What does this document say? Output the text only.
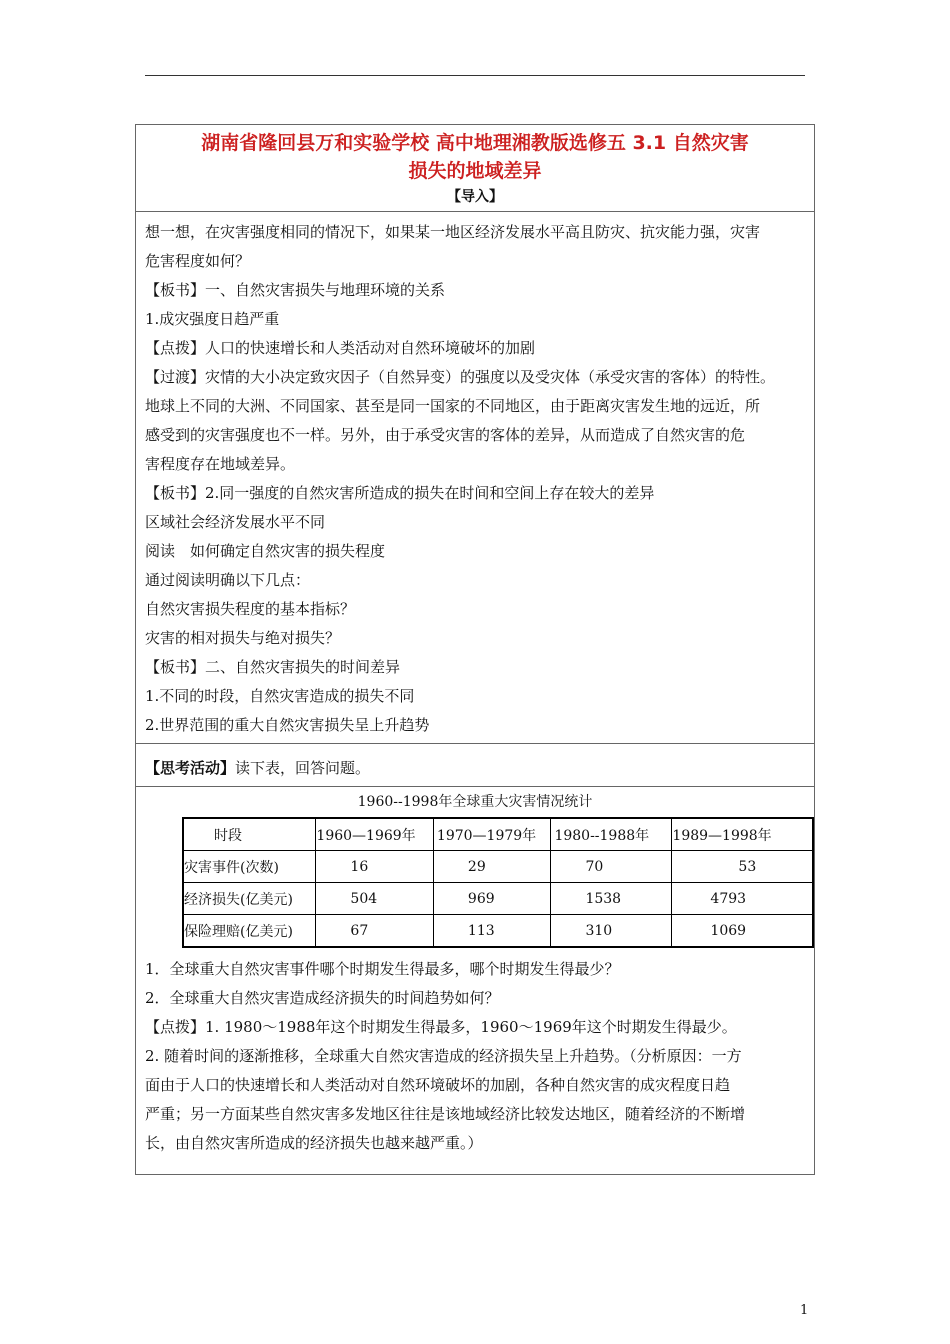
湖南省隆回县万和实验学校 高中地理湘教版选修五 3.1 自然灾害
损失的地域差异
【导入】
想一想，在灾害强度相同的情况下，如果某一地区经济发展水平高且防灾、抗灾能力强，灾害
危害程度如何？
【板书】一、自然灾害损失与地理环境的关系
1.成灾强度日趋严重
【点拨】人口的快速增长和人类活动对自然环境破坏的加剧
【过渡】灾情的大小决定致灾因子（自然异变）的强度以及受灾体（承受灾害的客体）的特性。
地球上不同的大洲、不同国家、甚至是同一国家的不同地区，由于距离灾害发生地的远近，所
感受到的灾害强度也不一样。另外，由于承受灾害的客体的差异，从而造成了自然灾害的危
害程度存在地域差异。
【板书】2.同一强度的自然灾害所造成的损失在时间和空间上存在较大的差异
区域社会经济发展水平不同
阅读　如何确定自然灾害的损失程度
通过阅读明确以下几点：
自然灾害损失程度的基本指标？
灾害的相对损失与绝对损失？
【板书】二、自然灾害损失的时间差异
1.不同的时段，自然灾害造成的损失不同
2.世界范围的重大自然灾害损失呈上升趋势
【思考活动】读下表，回答问题。
1960--1998年全球重大灾害情况统计
时段	1960—1969年	1970—1979年	1980--1988年	1989—1998年
灾害事件(次数)	16	29	70	53
经济损失(亿美元)	504	969	1538	4793
保险理赔(亿美元)	67	113	310	1069
1．全球重大自然灾害事件哪个时期发生得最多，哪个时期发生得最少？
2．全球重大自然灾害造成经济损失的时间趋势如何？
【点拨】1. 1980～1988年这个时期发生得最多，1960～1969年这个时期发生得最少。
2. 随着时间的逐渐推移，全球重大自然灾害造成的经济损失呈上升趋势。（分析原因：一方
面由于人口的快速增长和人类活动对自然环境破坏的加剧，各种自然灾害的成灾程度日趋
严重；另一方面某些自然灾害多发地区往往是该地域经济比较发达地区，随着经济的不断增
长，由自然灾害所造成的经济损失也越来越严重。）
1
